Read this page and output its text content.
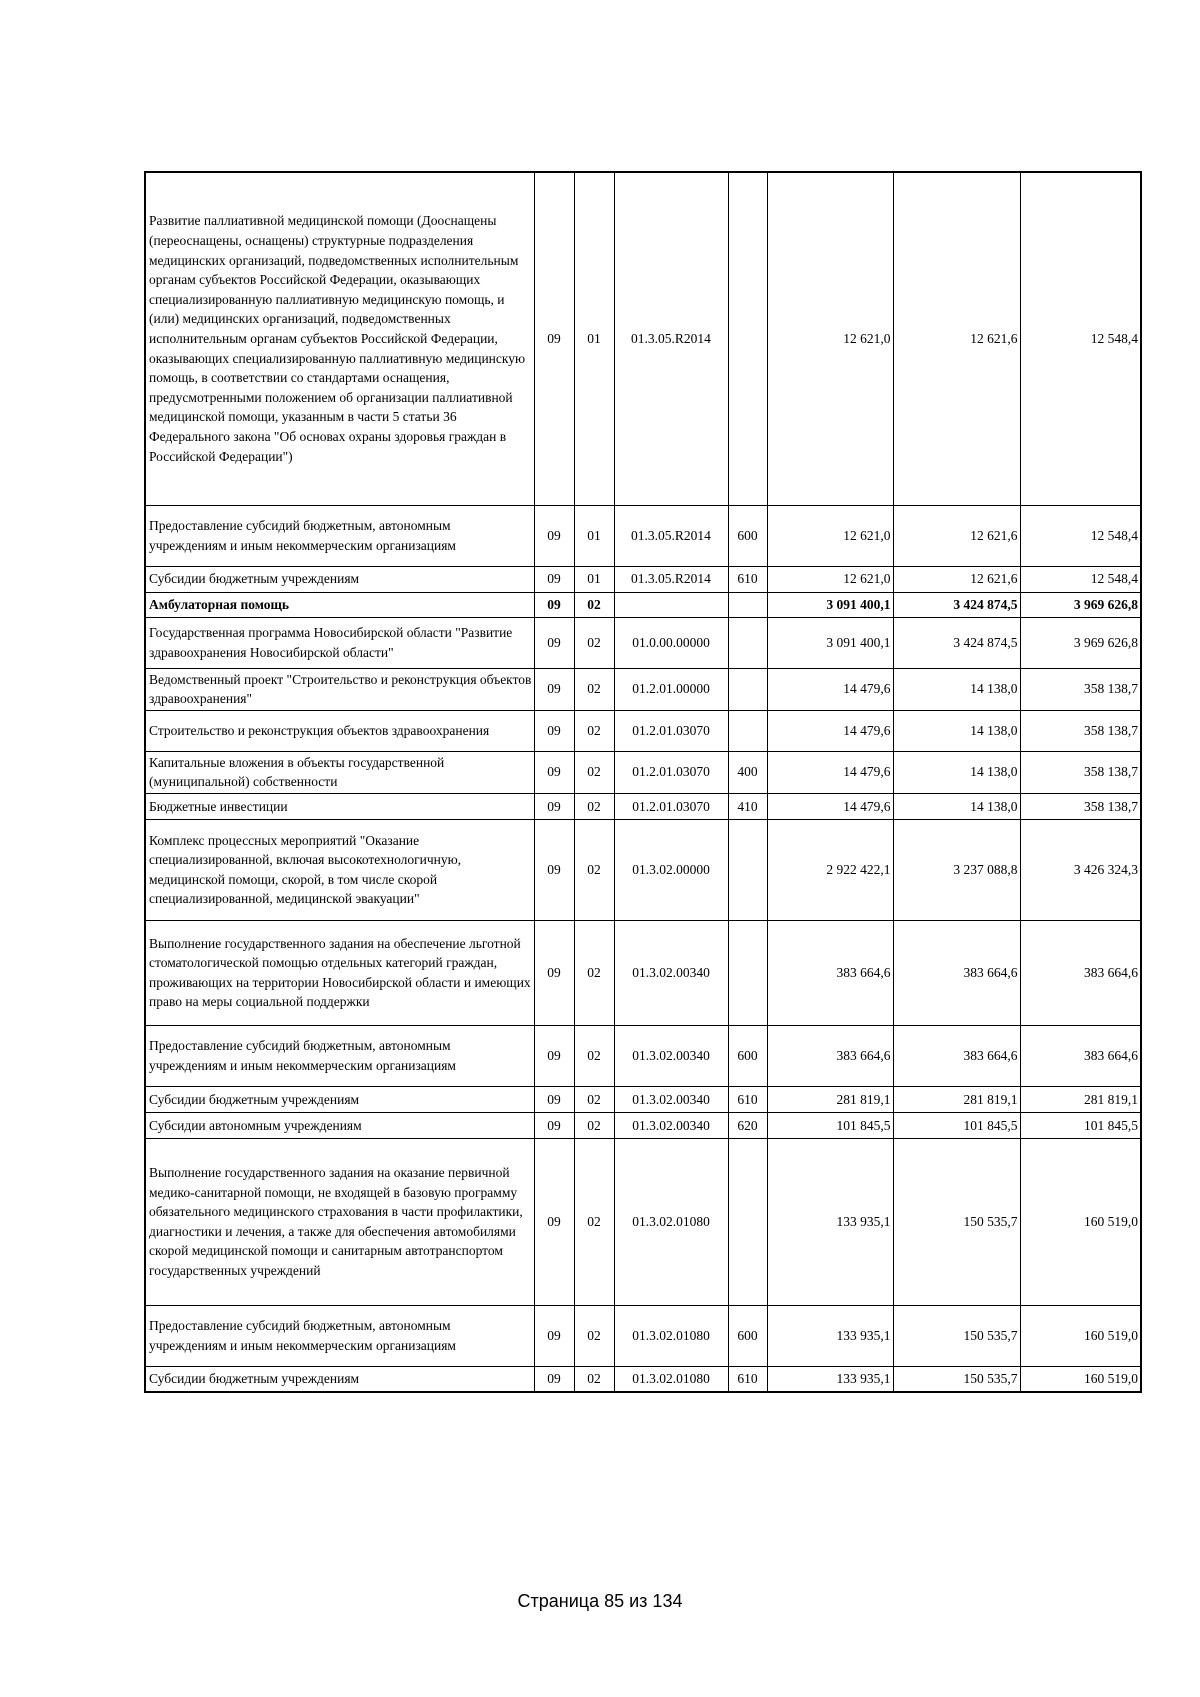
Развитие паллиативной медицинской помощи (Дооснащены (переоснащены, оснащены) структурные подразделения медицинских организаций, подведомственных исполнительным органам субъектов Российской Федерации, оказывающих специализированную паллиативную медицинскую помощь, и (или) медицинских организаций, подведомственных исполнительным органам субъектов Российской Федерации, оказывающих специализированную паллиативную медицинскую помощь, в соответствии со стандартами оснащения, предусмотренными положением об организации паллиативной медицинской помощи, указанным в части 5 статьи 36 Федерального закона "Об основах охраны здоровья граждан в Российской Федерации")	09	01	01.3.05.R2014		12 621,0	12 621,6	12 548,4
Предоставление субсидий бюджетным, автономным учреждениям и иным некоммерческим организациям	09	01	01.3.05.R2014	600	12 621,0	12 621,6	12 548,4
Субсидии бюджетным учреждениям	09	01	01.3.05.R2014	610	12 621,0	12 621,6	12 548,4
Амбулаторная помощь	09	02			3 091 400,1	3 424 874,5	3 969 626,8
Государственная программа Новосибирской области "Развитие здравоохранения Новосибирской области"	09	02	01.0.00.00000		3 091 400,1	3 424 874,5	3 969 626,8
Ведомственный проект "Строительство и реконструкция объектов здравоохранения"	09	02	01.2.01.00000		14 479,6	14 138,0	358 138,7
Строительство и реконструкция объектов здравоохранения	09	02	01.2.01.03070		14 479,6	14 138,0	358 138,7
Капитальные вложения в объекты государственной (муниципальной) собственности	09	02	01.2.01.03070	400	14 479,6	14 138,0	358 138,7
Бюджетные инвестиции	09	02	01.2.01.03070	410	14 479,6	14 138,0	358 138,7
Комплекс процессных мероприятий "Оказание специализированной, включая высокотехнологичную, медицинской помощи, скорой, в том числе скорой специализированной, медицинской эвакуации"	09	02	01.3.02.00000		2 922 422,1	3 237 088,8	3 426 324,3
Выполнение государственного задания на обеспечение льготной стоматологической помощью отдельных категорий граждан, проживающих на территории Новосибирской области и имеющих право на меры социальной поддержки	09	02	01.3.02.00340		383 664,6	383 664,6	383 664,6
Предоставление субсидий бюджетным, автономным учреждениям и иным некоммерческим организациям	09	02	01.3.02.00340	600	383 664,6	383 664,6	383 664,6
Субсидии бюджетным учреждениям	09	02	01.3.02.00340	610	281 819,1	281 819,1	281 819,1
Субсидии автономным учреждениям	09	02	01.3.02.00340	620	101 845,5	101 845,5	101 845,5
Выполнение государственного задания на оказание первичной медико-санитарной помощи, не входящей в базовую программу обязательного медицинского страхования в части профилактики, диагностики и лечения, а также для обеспечения автомобилями скорой медицинской помощи и санитарным автотранспортом государственных учреждений	09	02	01.3.02.01080		133 935,1	150 535,7	160 519,0
Предоставление субсидий бюджетным, автономным учреждениям и иным некоммерческим организациям	09	02	01.3.02.01080	600	133 935,1	150 535,7	160 519,0
Субсидии бюджетным учреждениям	09	02	01.3.02.01080	610	133 935,1	150 535,7	160 519,0
Страница 85 из 134
